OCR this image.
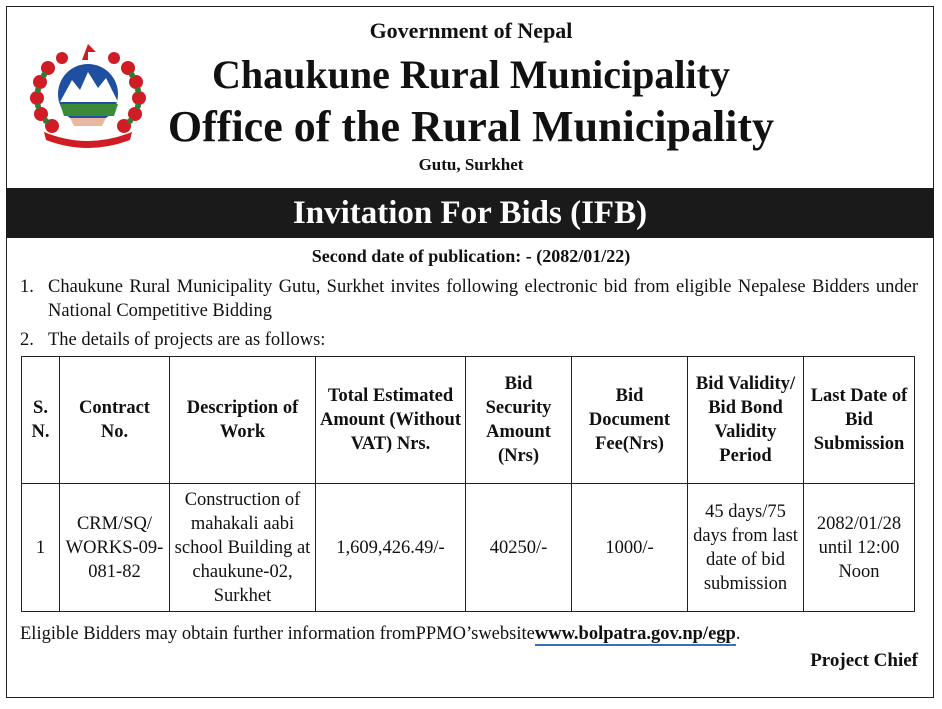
Government of Nepal
Chaukune Rural Municipality
Office of the Rural Municipality
Gutu, Surkhet
Invitation For Bids (IFB)
Second date of publication: - (2082/01/22)
1. Chaukune Rural Municipality Gutu, Surkhet invites following electronic bid from eligible Nepalese Bidders under National Competitive Bidding
2. The details of projects are as follows:
S. N.	Contract No.	Description of Work	Total Estimated Amount (Without VAT) Nrs.	Bid Security Amount (Nrs)	Bid Document Fee(Nrs)	Bid Validity/ Bid Bond Validity Period	Last Date of Bid Submission
1	CRM/SQ/ WORKS-09-081-82	Construction of mahakali aabi school Building at chaukune-02, Surkhet	1,609,426.49/-	40250/-	1000/-	45 days/75 days from last date of bid submission	2082/01/28 until 12:00 Noon
Eligible Bidders may obtain further information fromPPMO’swebsitewww.bolpatra.gov.np/egp.
Project Chief
